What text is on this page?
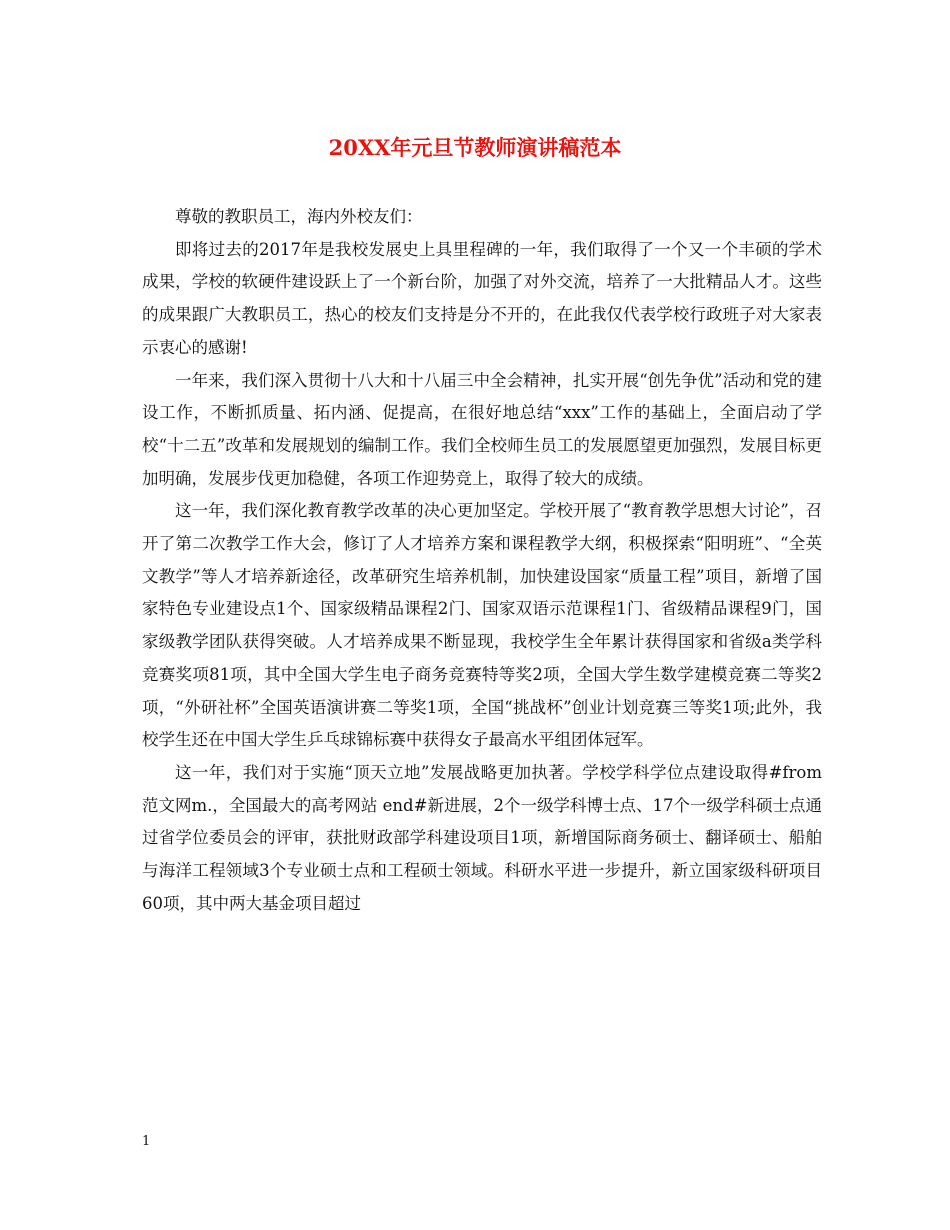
20XX年元旦节教师演讲稿范本

尊敬的教职员工，海内外校友们：

即将过去的2017年是我校发展史上具里程碑的一年，我们取得了一个又一个丰硕的学术成果，学校的软硬件建设跃上了一个新台阶，加强了对外交流，培养了一大批精品人才。这些的成果跟广大教职员工，热心的校友们支持是分不开的，在此我仅代表学校行政班子对大家表示衷心的感谢!

一年来，我们深入贯彻十八大和十八届三中全会精神，扎实开展“创先争优”活动和党的建设工作，不断抓质量、拓内涵、促提高，在很好地总结“xxx”工作的基础上，全面启动了学校“十二五”改革和发展规划的编制工作。我们全校师生员工的发展愿望更加强烈，发展目标更加明确，发展步伐更加稳健，各项工作迎势竞上，取得了较大的成绩。

这一年，我们深化教育教学改革的决心更加坚定。学校开展了“教育教学思想大讨论”，召开了第二次教学工作大会，修订了人才培养方案和课程教学大纲，积极探索“阳明班”、“全英文教学”等人才培养新途径，改革研究生培养机制，加快建设国家“质量工程”项目，新增了国家特色专业建设点1个、国家级精品课程2门、国家双语示范课程1门、省级精品课程9门，国家级教学团队获得突破。人才培养成果不断显现，我校学生全年累计获得国家和省级a类学科竞赛奖项81项，其中全国大学生电子商务竞赛特等奖2项，全国大学生数学建模竞赛二等奖2项，“外研社杯”全国英语演讲赛二等奖1项，全国“挑战杯”创业计划竞赛三等奖1项;此外，我校学生还在中国大学生乒乓球锦标赛中获得女子最高水平组团体冠军。

这一年，我们对于实施“顶天立地”发展战略更加执著。学校学科学位点建设取得#from 范文网m.，全国最大的高考网站 end#新进展，2个一级学科博士点、17个一级学科硕士点通过省学位委员会的评审，获批财政部学科建设项目1项，新增国际商务硕士、翻译硕士、船舶与海洋工程领域3个专业硕士点和工程硕士领域。科研水平进一步提升，新立国家级科研项目60项，其中两大基金项目超过

1
